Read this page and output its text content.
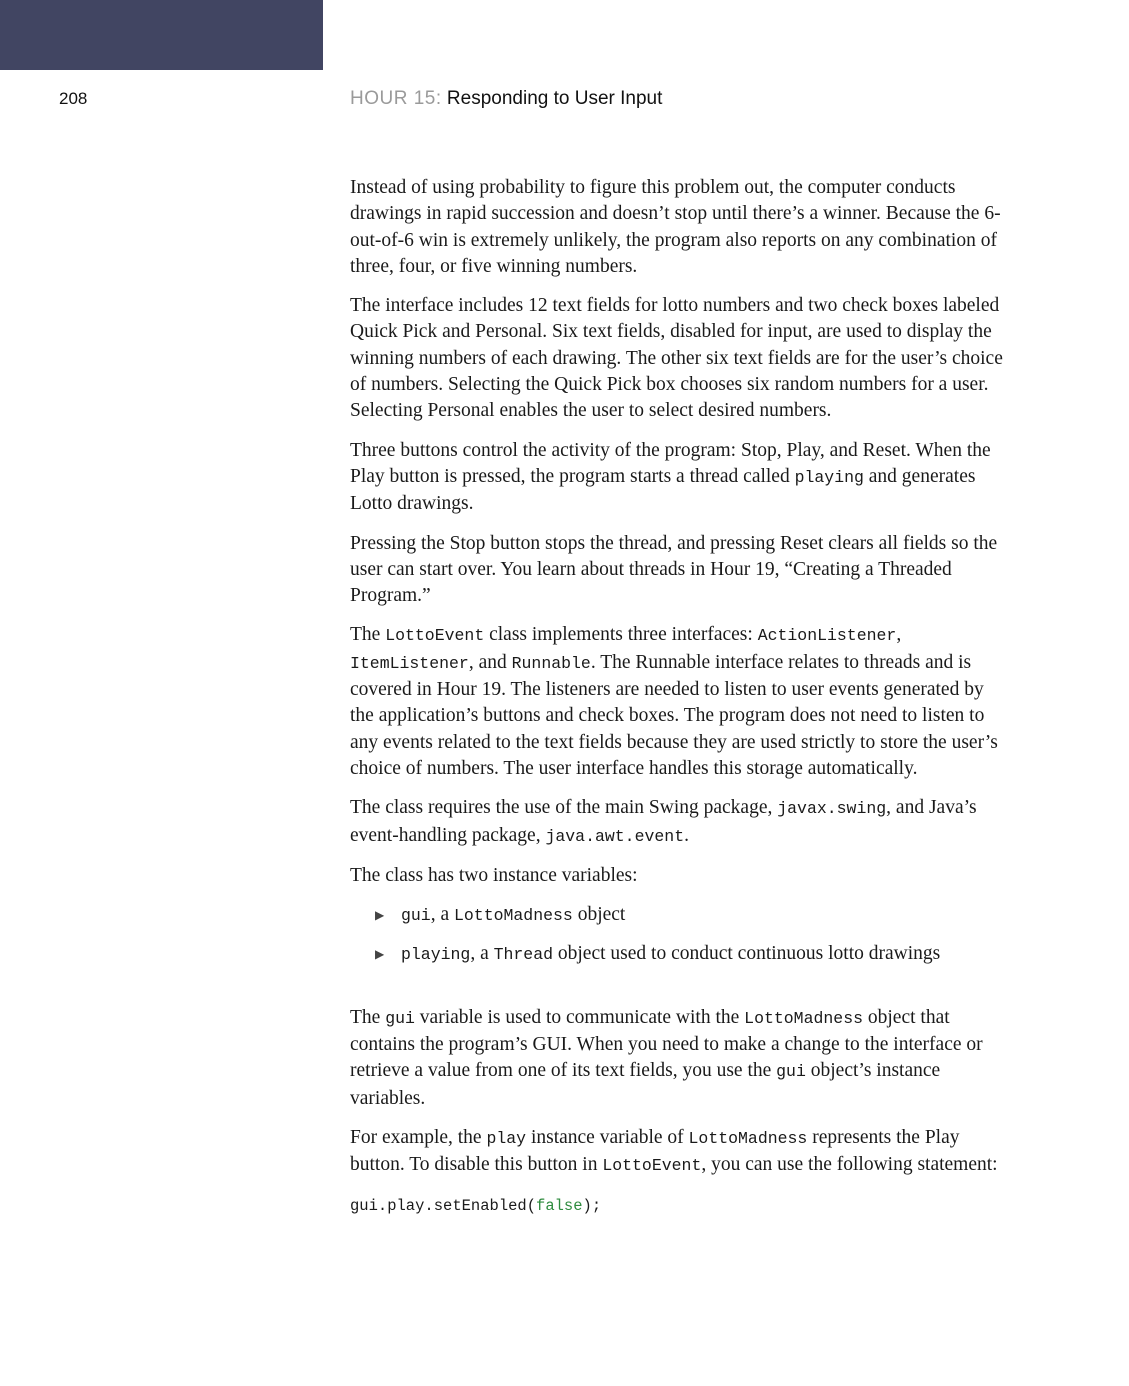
208	HOUR 15: Responding to User Input

Instead of using probability to figure this problem out, the computer conducts drawings in rapid succession and doesn’t stop until there’s a winner. Because the 6-out-of-6 win is extremely unlikely, the program also reports on any combination of three, four, or five winning numbers.

The interface includes 12 text fields for lotto numbers and two check boxes labeled Quick Pick and Personal. Six text fields, disabled for input, are used to display the winning numbers of each drawing. The other six text fields are for the user’s choice of numbers. Selecting the Quick Pick box chooses six random numbers for a user. Selecting Personal enables the user to select desired numbers.

Three buttons control the activity of the program: Stop, Play, and Reset. When the Play button is pressed, the program starts a thread called playing and generates Lotto drawings.

Pressing the Stop button stops the thread, and pressing Reset clears all fields so the user can start over. You learn about threads in Hour 19, “Creating a Threaded Program.”

The LottoEvent class implements three interfaces: ActionListener, ItemListener, and Runnable. The Runnable interface relates to threads and is covered in Hour 19. The listeners are needed to listen to user events generated by the application’s buttons and check boxes. The program does not need to listen to any events related to the text fields because they are used strictly to store the user’s choice of numbers. The user interface handles this storage automatically.

The class requires the use of the main Swing package, javax.swing, and Java’s event-handling package, java.awt.event.

The class has two instance variables:

▶ gui, a LottoMadness object
▶ playing, a Thread object used to conduct continuous lotto drawings

The gui variable is used to communicate with the LottoMadness object that contains the program’s GUI. When you need to make a change to the interface or retrieve a value from one of its text fields, you use the gui object’s instance variables.

For example, the play instance variable of LottoMadness represents the Play button. To disable this button in LottoEvent, you can use the following statement:

gui.play.setEnabled(false);
